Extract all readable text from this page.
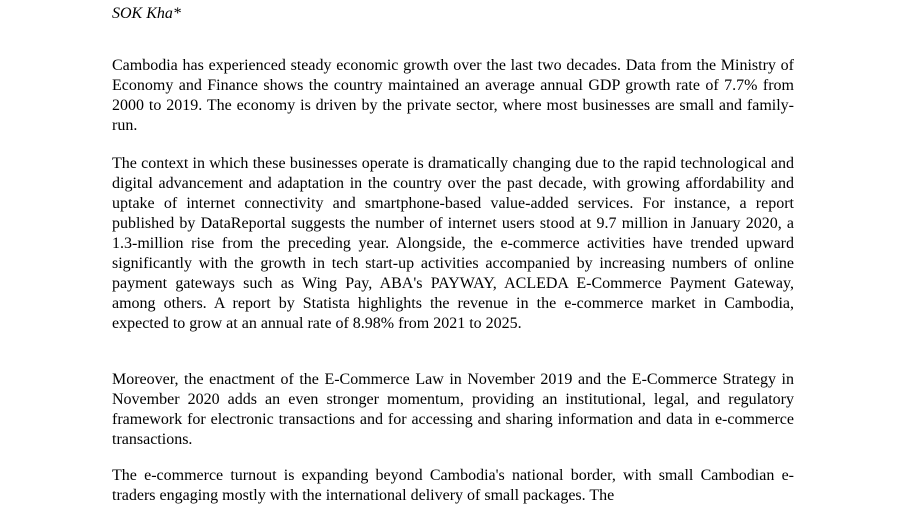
SOK Kha*

Cambodia has experienced steady economic growth over the last two decades. Data from the Ministry of Economy and Finance shows the country maintained an average annual GDP growth rate of 7.7% from 2000 to 2019. The economy is driven by the private sector, where most businesses are small and family-run.

The context in which these businesses operate is dramatically changing due to the rapid technological and digital advancement and adaptation in the country over the past decade, with growing affordability and uptake of internet connectivity and smartphone-based value-added services. For instance, a report published by DataReportal suggests the number of internet users stood at 9.7 million in January 2020, a 1.3-million rise from the preceding year. Alongside, the e-commerce activities have trended upward significantly with the growth in tech start-up activities accompanied by increasing numbers of online payment gateways such as Wing Pay, ABA's PAYWAY, ACLEDA E-Commerce Payment Gateway, among others. A report by Statista highlights the revenue in the e-commerce market in Cambodia, expected to grow at an annual rate of 8.98% from 2021 to 2025.

Moreover, the enactment of the E-Commerce Law in November 2019 and the E-Commerce Strategy in November 2020 adds an even stronger momentum, providing an institutional, legal, and regulatory framework for electronic transactions and for accessing and sharing information and data in e-commerce transactions.

The e-commerce turnout is expanding beyond Cambodia's national border, with small Cambodian e-traders engaging mostly with the international delivery of small packages. The
